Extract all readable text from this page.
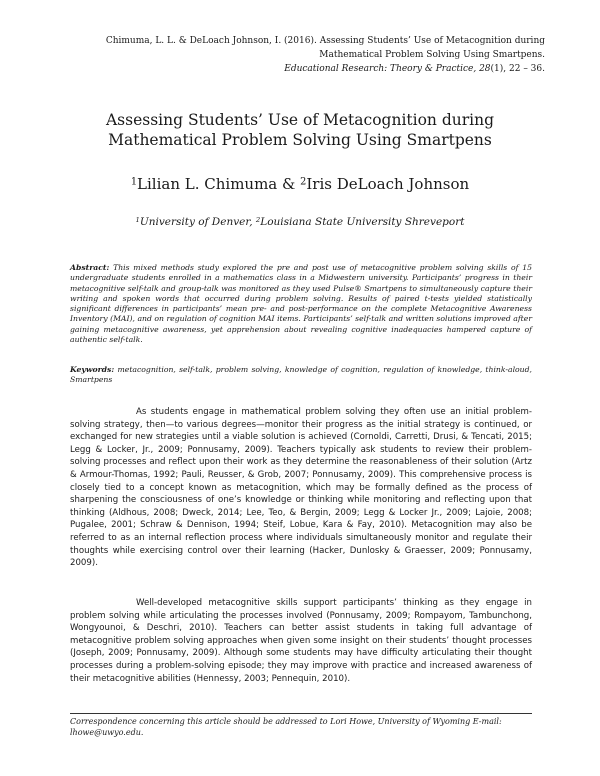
Chimuma, L. L. & DeLoach Johnson, I. (2016). Assessing Students’ Use of Metacognition during
Mathematical Problem Solving Using Smartpens.
Educational Research: Theory & Practice, 28(1), 22 – 36.
Assessing Students’ Use of Metacognition during
Mathematical Problem Solving Using Smartpens
$^1$Lilian L. Chimuma & $^2$Iris DeLoach Johnson
$^1$University of Denver, $^2$Louisiana State University Shreveport
Abstract: This mixed methods study explored the pre and post use of metacognitive problem solving skills of 15 undergraduate students enrolled in a mathematics class in a Midwestern university. Participants’ progress in their metacognitive self-talk and group-talk was monitored as they used Pulse® Smartpens to simultaneously capture their writing and spoken words that occurred during problem solving. Results of paired t-tests yielded statistically significant differences in participants’ mean pre- and post-performance on the complete Metacognitive Awareness Inventory (MAI), and on regulation of cognition MAI items. Participants’ self-talk and written solutions improved after gaining metacognitive awareness, yet apprehension about revealing cognitive inadequacies hampered capture of authentic self-talk.
Keywords: metacognition, self-talk, problem solving, knowledge of cognition, regulation of knowledge, think-aloud, Smartpens

As students engage in mathematical problem solving they often use an initial problem-solving strategy, then—to various degrees—monitor their progress as the initial strategy is continued, or exchanged for new strategies until a viable solution is achieved (Cornoldi, Carretti, Drusi, & Tencati, 2015; Legg & Locker, Jr., 2009; Ponnusamy, 2009). Teachers typically ask students to review their problem-solving processes and reflect upon their work as they determine the reasonableness of their solution (Artz & Armour-Thomas, 1992; Pauli, Reusser, & Grob, 2007; Ponnusamy, 2009). This comprehensive process is closely tied to a concept known as metacognition, which may be formally defined as the process of sharpening the consciousness of one’s knowledge or thinking while monitoring and reflecting upon that thinking (Aldhous, 2008; Dweck, 2014; Lee, Teo, & Bergin, 2009; Legg & Locker Jr., 2009; Lajoie, 2008; Pugalee, 2001; Schraw & Dennison, 1994; Steif, Lobue, Kara & Fay, 2010). Metacognition may also be referred to as an internal reflection process where individuals simultaneously monitor and regulate their thoughts while exercising control over their learning (Hacker, Dunlosky & Graesser, 2009; Ponnusamy, 2009).

Well-developed metacognitive skills support participants’ thinking as they engage in problem solving while articulating the processes involved (Ponnusamy, 2009; Rompayom, Tambunchong, Wongyounoi, & Deschri, 2010). Teachers can better assist students in taking full advantage of metacognitive problem solving approaches when given some insight on their students’ thought processes (Joseph, 2009; Ponnusamy, 2009). Although some students may have difficulty articulating their thought processes during a problem-solving episode; they may improve with practice and increased awareness of their metacognitive abilities (Hennessy, 2003; Pennequin, 2010).

Correspondence concerning this article should be addressed to Lori Howe, University of Wyoming E-mail: lhowe@uwyo.edu.
